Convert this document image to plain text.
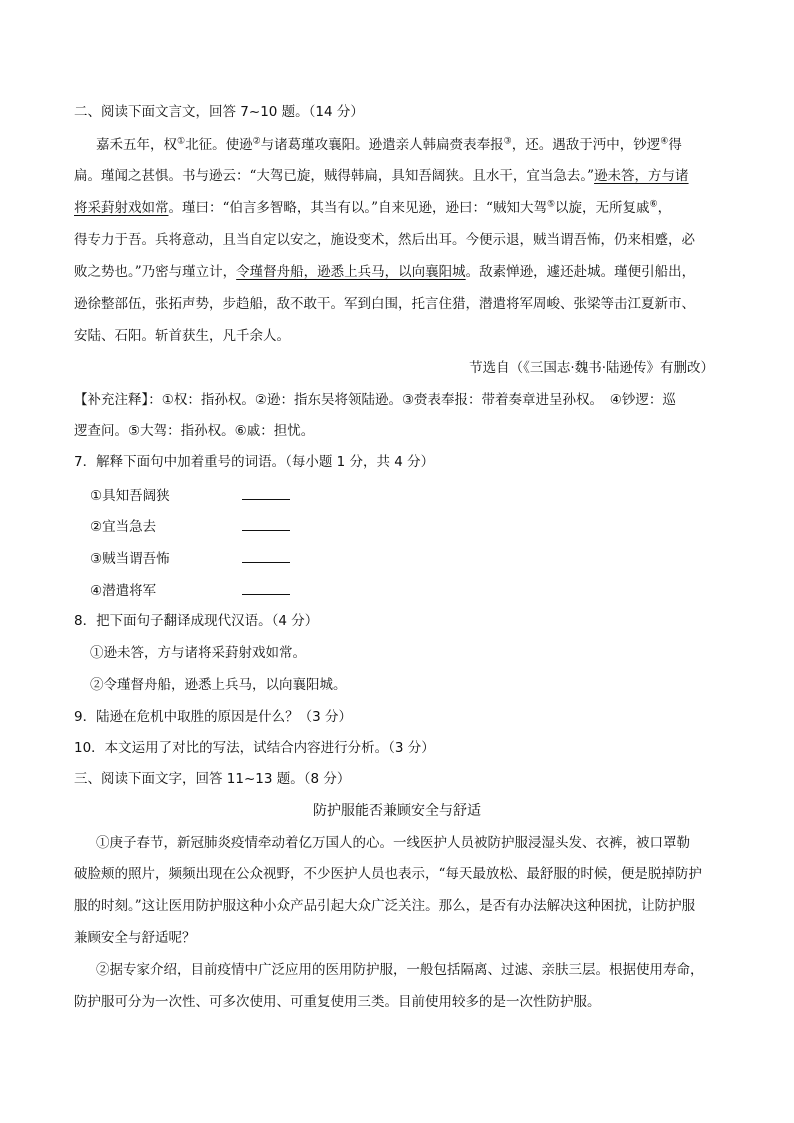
二、阅读下面文言文，回答 7~10 题。（14 分）
嘉禾五年，权①北征。使逊②与诸葛瑾攻襄阳。逊遣亲人韩扁赍表奉报③，还。遇敌于沔中，钞逻④得
扁。瑾闻之甚惧。书与逊云：“大驾已旋，贼得韩扁，具知吾阔狭。且水干，宜当急去。”逊未答，方与诸
将采葑射戏如常。瑾曰：“伯言多智略，其当有以。”自来见逊，逊曰：“贼知大驾⑤以旋，无所复戚⑥，
得专力于吾。兵将意动，且当自定以安之，施设变术，然后出耳。今便示退，贼当谓吾怖，仍来相蹙，必
败之势也。”乃密与瑾立计，令瑾督舟船，逊悉上兵马，以向襄阳城。敌素惮逊，遽还赴城。瑾便引船出，
逊徐整部伍，张拓声势，步趋船，敌不敢干。军到白围，托言住猎，潜遣将军周峻、张梁等击江夏新市、
安陆、石阳。斩首获生，凡千余人。
节选自（《三国志·魏书·陆逊传》有删改）
【补充注释】：①权：指孙权。②逊：指东吴将领陆逊。③赍表奉报：带着奏章进呈孙权。　④钞逻：巡
逻查问。⑤大驾：指孙权。⑥戚：担忧。
7．解释下面句中加着重号的词语。（每小题 1 分，共 4 分）
①具知吾阔狭
②宜当急去
③贼当谓吾怖
④潜遣将军
8．把下面句子翻译成现代汉语。（4 分）
①逊未答，方与诸将采葑射戏如常。
②令瑾督舟船，逊悉上兵马，以向襄阳城。
9．陆逊在危机中取胜的原因是什么？（3 分）
10．本文运用了对比的写法，试结合内容进行分析。（3 分）
三、阅读下面文字，回答 11~13 题。（8 分）
防护服能否兼顾安全与舒适
①庚子春节，新冠肺炎疫情牵动着亿万国人的心。一线医护人员被防护服浸湿头发、衣裤，被口罩勒
破脸颊的照片，频频出现在公众视野，不少医护人员也表示，“每天最放松、最舒服的时候，便是脱掉防护
服的时刻。”这让医用防护服这种小众产品引起大众广泛关注。那么，是否有办法解决这种困扰，让防护服
兼顾安全与舒适呢？
②据专家介绍，目前疫情中广泛应用的医用防护服，一般包括隔离、过滤、亲肤三层。根据使用寿命，
防护服可分为一次性、可多次使用、可重复使用三类。目前使用较多的是一次性防护服。
